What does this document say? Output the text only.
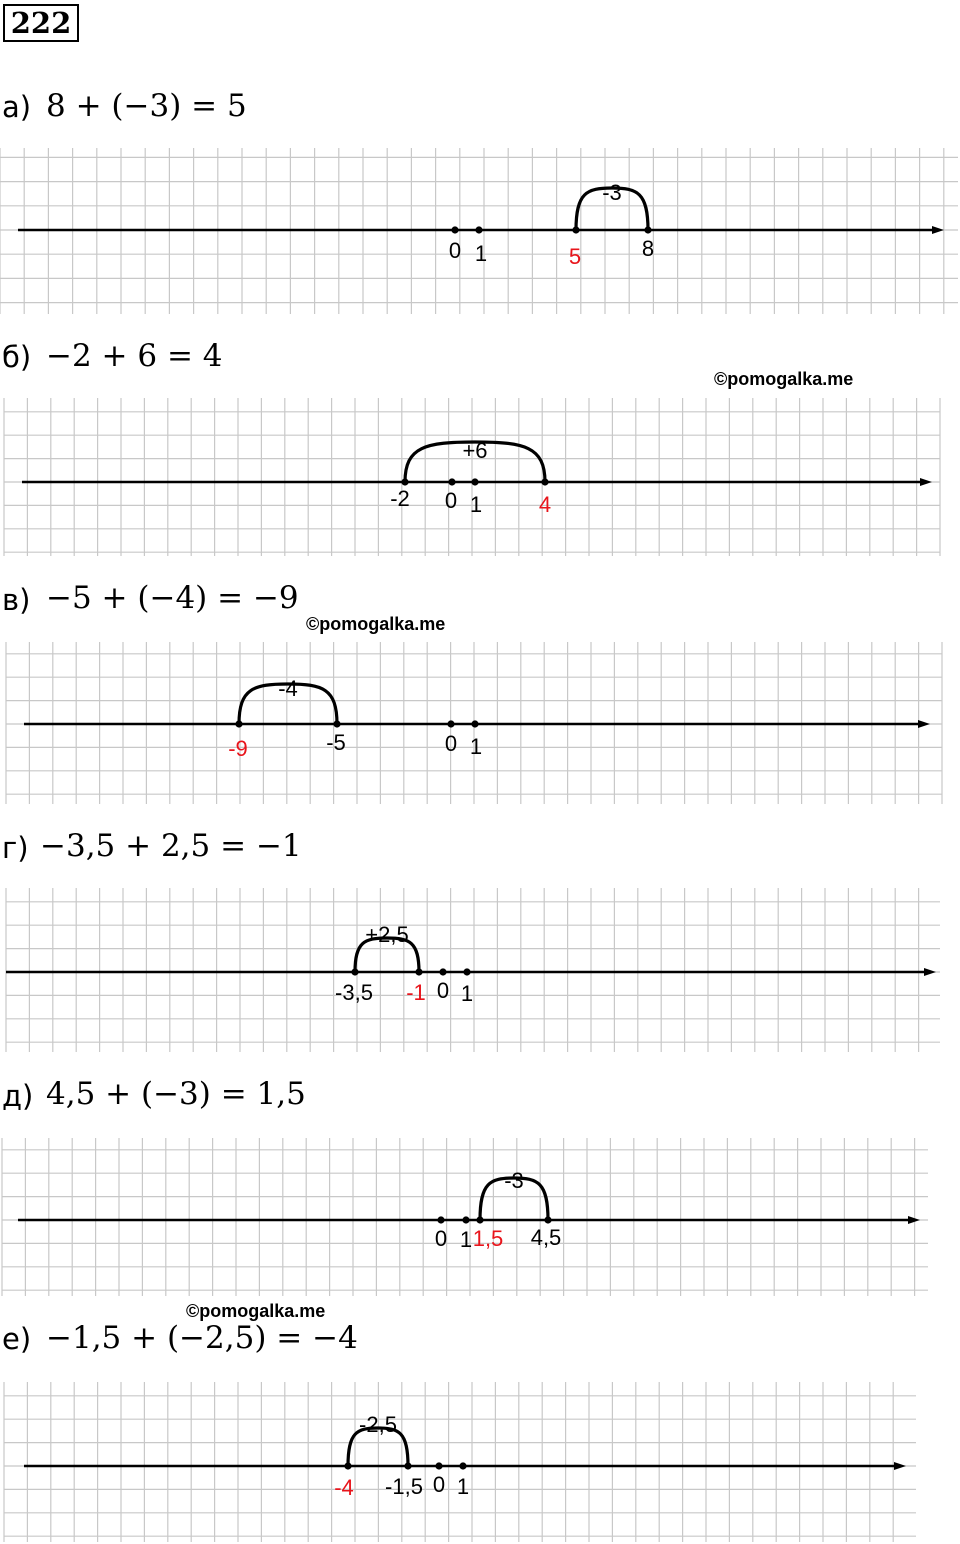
222
а) 8 + (−3) = 5
-3
0 1	5	8
б) −2 + 6 = 4
©pomogalka.me
+6
-2 0 1	4
в) −5 + (−4) = −9
©pomogalka.me
-4
-9	-5	0 1
г) −3,5 + 2,5 = −1
+2,5
-3,5 -1 0 1
д) 4,5 + (−3) = 1,5
-3
0 1 1,5 4,5
©pomogalka.me
е) −1,5 + (−2,5) = −4
-2,5
-4 -1,5 0 1
